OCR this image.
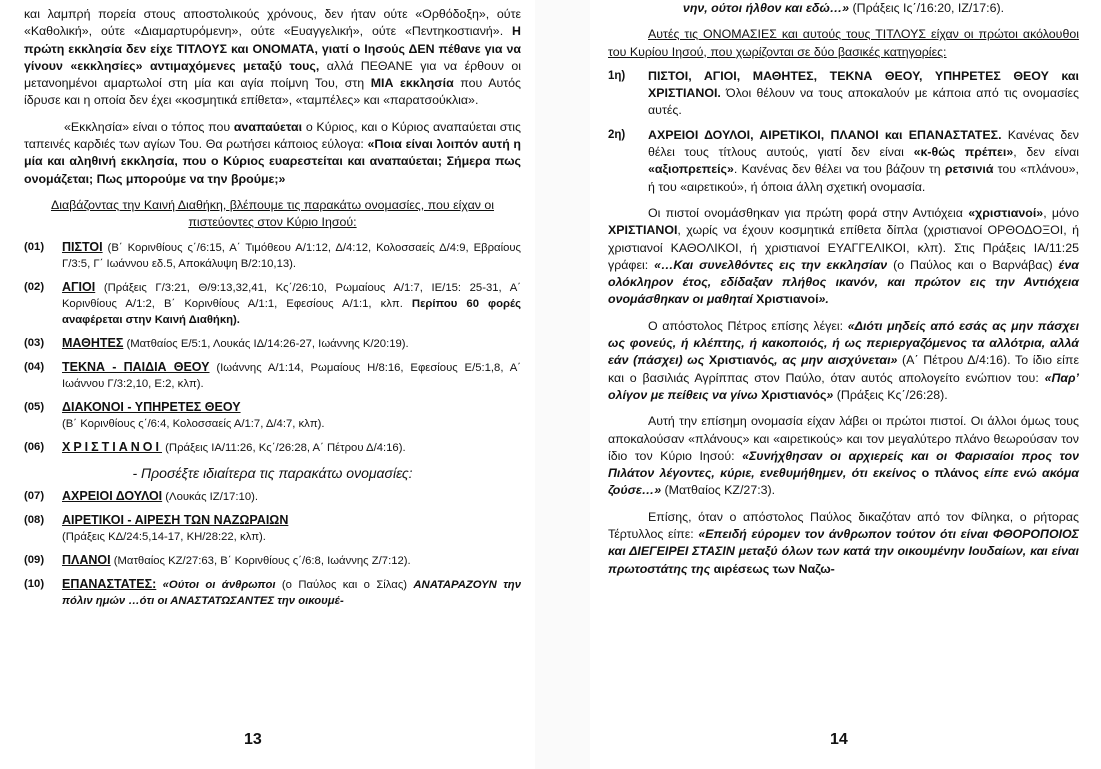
και λαμπρή πορεία στους αποστολικούς χρόνους, δεν ήταν ούτε «Ορθόδοξη», ούτε «Καθολική», ούτε «Διαμαρτυρόμενη», ούτε «Ευαγγελική», ούτε «Πεντηκοστιανή». Η πρώτη εκκλησία δεν είχε ΤΙΤΛΟΥΣ και ΟΝΟΜΑΤΑ, γιατί ο Ιησούς ΔΕΝ πέθανε για να γίνουν «εκκλησίες» αντιμαχόμενες μεταξύ τους, αλλά ΠΕΘΑΝΕ για να έρθουν οι μετανοημένοι αμαρτωλοί στη μία και αγία ποίμνη Του, στη ΜΙΑ εκκλησία που Αυτός ίδρυσε και η οποία δεν έχει «κοσμητικά επίθετα», «ταμπέλες» και «παρατσούκλια».

«Εκκλησία» είναι ο τόπος που αναπαύεται ο Κύριος, και ο Κύριος αναπαύεται στις ταπεινές καρδιές των αγίων Του. Θα ρωτήσει κάποιος εύλογα: «Ποια είναι λοιπόν αυτή η μία και αληθινή εκκλησία, που ο Κύριος ευαρεστείται και αναπαύεται; Σήμερα πως ονομάζεται; Πως μπορούμε να την βρούμε;»

Διαβάζοντας την Καινή Διαθήκη, βλέπουμε τις παρακάτω ονομασίες, που είχαν οι πιστεύοντες στον Κύριο Ιησού:

(01)	ΠΙΣΤΟΙ (Β΄ Κορινθίους ς΄/6:15, Α΄ Τιμόθεου Α/1:12, Δ/4:12, Κολοσσαείς Δ/4:9, Εβραίους Γ/3:5, Γ΄ Ιωάννου εδ.5, Αποκάλυψη Β/2:10,13).
(02)	ΑΓΙΟΙ (Πράξεις Γ/3:21, Θ/9:13,32,41, Κς΄/26:10, Ρωμαίους Α/1:7, ΙΕ/15: 25-31, Α΄ Κορινθίους Α/1:2, Β΄ Κορινθίους Α/1:1, Εφεσίους Α/1:1, κλπ. Περίπου 60 φορές αναφέρεται στην Καινή Διαθήκη).
(03)	ΜΑΘΗΤΕΣ (Ματθαίος Ε/5:1, Λουκάς ΙΔ/14:26-27, Ιωάννης Κ/20:19).
(04)	ΤΕΚΝΑ - ΠΑΙΔΙΑ ΘΕΟΥ (Ιωάννης Α/1:14, Ρωμαίους Η/8:16, Εφεσίους Ε/5:1,8, Α΄ Ιωάννου Γ/3:2,10, Ε:2, κλπ).
(05)	ΔΙΑΚΟΝΟΙ - ΥΠΗΡΕΤΕΣ ΘΕΟΥ
(Β΄ Κορινθίους ς΄/6:4, Κολοσσαείς Α/1:7, Δ/4:7, κλπ).
(06)	ΧΡΙΣΤΙΑΝΟΙ (Πράξεις ΙΑ/11:26, Κς΄/26:28, Α΄ Πέτρου Δ/4:16).
- Προσέξτε ιδιαίτερα τις παρακάτω ονομασίες:
(07)	ΑΧΡΕΙΟΙ ΔΟΥΛΟΙ (Λουκάς ΙΖ/17:10).
(08)	ΑΙΡΕΤΙΚΟΙ - ΑΙΡΕΣΗ ΤΩΝ ΝΑΖΩΡΑΙΩΝ
(Πράξεις ΚΔ/24:5,14-17, ΚΗ/28:22, κλπ).
(09)	ΠΛΑΝΟΙ (Ματθαίος ΚΖ/27:63, Β΄ Κορινθίους ς΄/6:8, Ιωάννης Ζ/7:12).
(10)	ΕΠΑΝΑΣΤΑΤΕΣ: «Ούτοι οι άνθρωποι (ο Παύλος και ο Σίλας) ΑΝΑΤΑΡΑΖΟΥΝ την πόλιν ημών …ότι οι ΑΝΑΣΤΑΤΩΣΑΝΤΕΣ την οικουμέ-
13

νην, ούτοι ήλθον και εδώ…» (Πράξεις Ις΄/16:20, ΙΖ/17:6).

Αυτές τις ΟΝΟΜΑΣΙΕΣ και αυτούς τους ΤΙΤΛΟΥΣ είχαν οι πρώτοι ακόλουθοι του Κυρίου Ιησού, που χωρίζονται σε δύο βασικές κατηγορίες:

1η)	ΠΙΣΤΟΙ, ΑΓΙΟΙ, ΜΑΘΗΤΕΣ, ΤΕΚΝΑ ΘΕΟΥ, ΥΠΗΡΕΤΕΣ ΘΕΟΥ και ΧΡΙΣΤΙΑΝΟΙ. Όλοι θέλουν να τους αποκαλούν με κάποια από τις ονομασίες αυτές.
2η)	ΑΧΡΕΙΟΙ ΔΟΥΛΟΙ, ΑΙΡΕΤΙΚΟΙ, ΠΛΑΝΟΙ και ΕΠΑΝΑΣΤΑΤΕΣ. Κανένας δεν θέλει τους τίτλους αυτούς, γιατί δεν είναι «κ-θώς πρέπει», δεν είναι «αξιοπρεπείς». Κανένας δεν θέλει να του βάζουν τη ρετσινιά του «πλάνου», ή του «αιρετικού», ή όποια άλλη σχετική ονομασία.

Οι πιστοί ονομάσθηκαν για πρώτη φορά στην Αντιόχεια «χριστιανοί», μόνο ΧΡΙΣΤΙΑΝΟΙ, χωρίς να έχουν κοσμητικά επίθετα δίπλα (χριστιανοί ΟΡΘΟΔΟΞΟΙ, ή χριστιανοί ΚΑΘΟΛΙΚΟΙ, ή χριστιανοί ΕΥΑΓΓΕΛΙΚΟΙ, κλπ). Στις Πράξεις ΙΑ/11:25 γράφει: «…Και συνελθόντες εις την εκκλησίαν (ο Παύλος και ο Βαρνάβας) ένα ολόκληρον έτος, εδίδαξαν πλήθος ικανόν, και πρώτον εις την Αντιόχεια ονομάσθηκαν οι μαθηταί Χριστιανοί».

Ο απόστολος Πέτρος επίσης λέγει: «Διότι μηδείς από εσάς ας μην πάσχει ως φονεύς, ή κλέπτης, ή κακοποιός, ή ως περιεργαζόμενος τα αλλότρια, αλλά εάν (πάσχει) ως Χριστιανός, ας μην αισχύνεται» (Α΄ Πέτρου Δ/4:16). Το ίδιο είπε και ο βασιλιάς Αγρίππας στον Παύλο, όταν αυτός απολογείτο ενώπιον του: «Παρ’ ολίγον με πείθεις να γίνω Χριστιανός» (Πράξεις Κς΄/26:28).

Αυτή την επίσημη ονομασία είχαν λάβει οι πρώτοι πιστοί. Οι άλλοι όμως τους αποκαλούσαν «πλάνους» και «αιρετικούς» και τον μεγαλύτερο πλάνο θεωρούσαν τον ίδιο τον Κύριο Ιησού: «Συνήχθησαν οι αρχιερείς και οι Φαρισαίοι προς τον Πιλάτον λέγοντες, κύριε, ενεθυμήθημεν, ότι εκείνος ο πλάνος είπε ενώ ακόμα ζούσε…» (Ματθαίος ΚΖ/27:3).

Επίσης, όταν ο απόστολος Παύλος δικαζόταν από τον Φίληκα, ο ρήτορας Τέρτυλλος είπε: «Επειδή εύρομεν τον άνθρωπον τούτον ότι είναι ΦΘΟΡΟΠΟΙΟΣ και ΔΙΕΓΕΙΡΕΙ ΣΤΑΣΙΝ μεταξύ όλων των κατά την οικουμένην Ιουδαίων, και είναι πρωτοστάτης της αιρέσεως των Ναζω-

14
